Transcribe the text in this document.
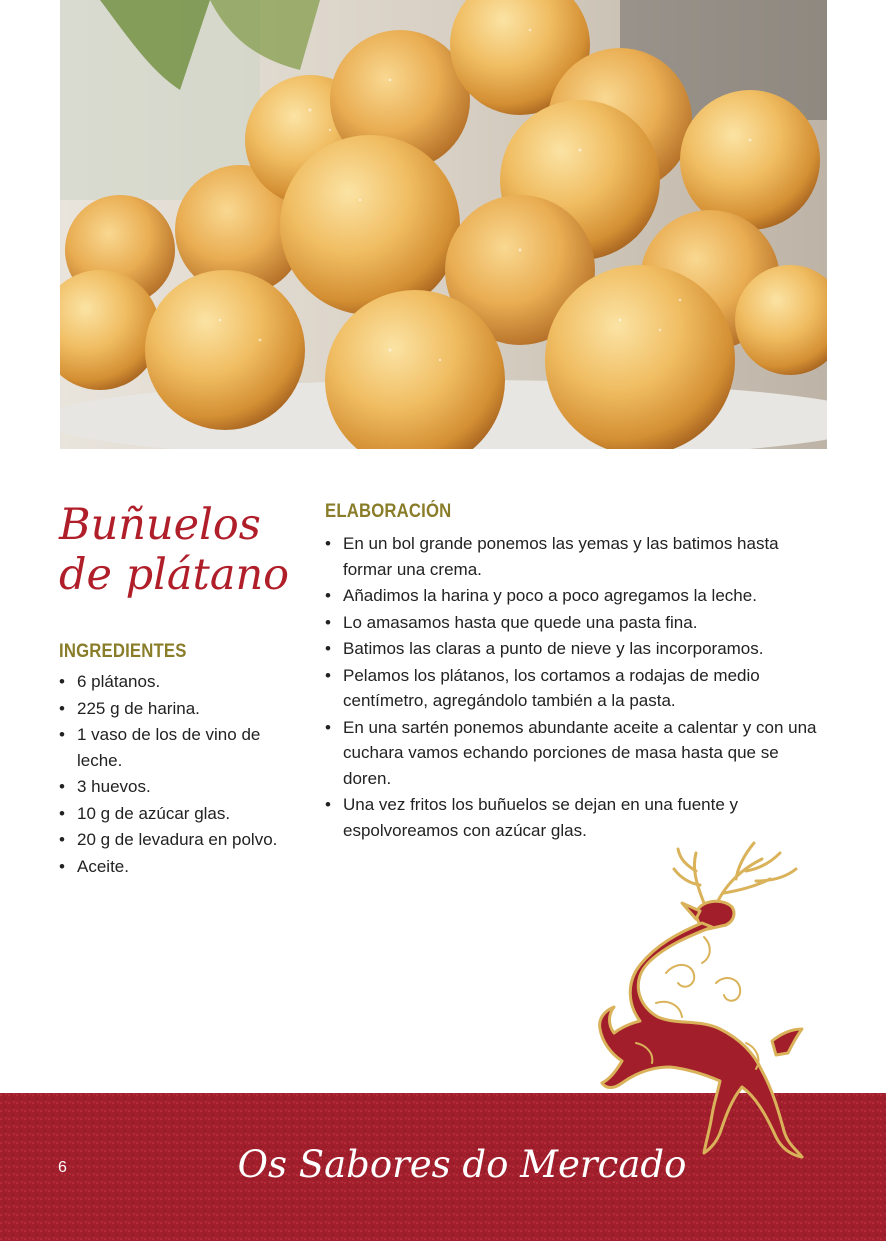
Buñuelos de plátano
INGREDIENTES
• 6 plátanos.
• 225 g de harina.
• 1 vaso de los de vino de leche.
• 3 huevos.
• 10 g de azúcar glas.
• 20 g de levadura en polvo.
• Aceite.
ELABORACIÓN
• En un bol grande ponemos las yemas y las batimos hasta formar una crema.
• Añadimos la harina y poco a poco agregamos la leche.
• Lo amasamos hasta que quede una pasta fina.
• Batimos las claras a punto de nieve y las incorporamos.
• Pelamos los plátanos, los cortamos a rodajas de medio centímetro, agregándolo también a la pasta.
• En una sartén ponemos abundante aceite a calentar y con una cuchara vamos echando porciones de masa hasta que se doren.
• Una vez fritos los buñuelos se dejan en una fuente y espolvoreamos con azúcar glas.
6	Os Sabores do Mercado
